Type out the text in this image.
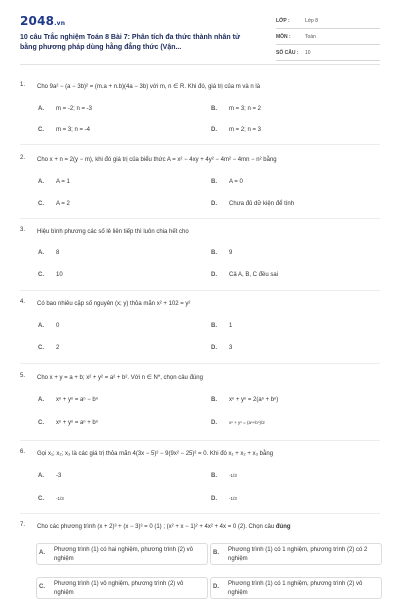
2048.vn
10 câu Trắc nghiệm Toán 8 Bài 7: Phân tích đa thức thành nhân tử bằng phương pháp dùng hằng đẳng thức (Vận...
LỚP :	Lớp 8
MÔN :	Toán
SỐ CÂU : 10
1. Cho 9a² − (a − 3b)² = (m.a + n.b)(4a − 3b) với m, n ∈ R. Khi đó, giá trị của m và n là
A. m = -2; n = -3	B. m = 3; n = 2
C. m = 3; n = -4	D. m = 2; n = 3
2. Cho x + n = 2(y − m), khi đó giá trị của biểu thức A = x² − 4xy + 4y² − 4m² − 4mn − n² bằng
A. A = 1	B. A = 0
C. A = 2	D. Chưa đủ dữ kiện để tính
3. Hiệu bình phương các số lẻ liên tiếp thì luôn chia hết cho
A. 8	B. 9
C. 10	D. Cả A, B, C đều sai
4. Có bao nhiêu cặp số nguyên (x; y) thỏa mãn x² + 102 = y²
A. 0	B. 1
C. 2	D. 3
5. Cho x + y = a + b; x² + y² = a² + b². Với n ∈ N*, chọn câu đúng
A. xⁿ + yⁿ = aⁿ − bⁿ	B. xⁿ + yⁿ = 2(aⁿ + bⁿ)
C. xⁿ + yⁿ = aⁿ + bⁿ	D.	xⁿ + yⁿ = (aⁿ+bⁿ)/2
6. Gọi x₁; x₂; x₃ là các giá trị thỏa mãn 4(3x − 5)² − 9(9x² − 25)² = 0. Khi đó x₁ + x₂ + x₃ bằng
A. -3	B.	-1/3
C.	-1/3	D.	-1/3
7. Cho các phương trình (x + 2)³ + (x − 3)³ = 0 (1) ; (x² + x − 1)² + 4x² + 4x = 0 (2). Chọn câu đúng
A. Phương trình (1) có hai nghiệm, phương trình (2) vô nghiệm
B. Phương trình (1) có 1 nghiệm, phương trình (2) có 2 nghiệm
C. Phương trình (1) vô nghiệm, phương trình (2) vô nghiệm
D. Phương trình (1) có 1 nghiệm, phương trình (2) vô nghiệm
